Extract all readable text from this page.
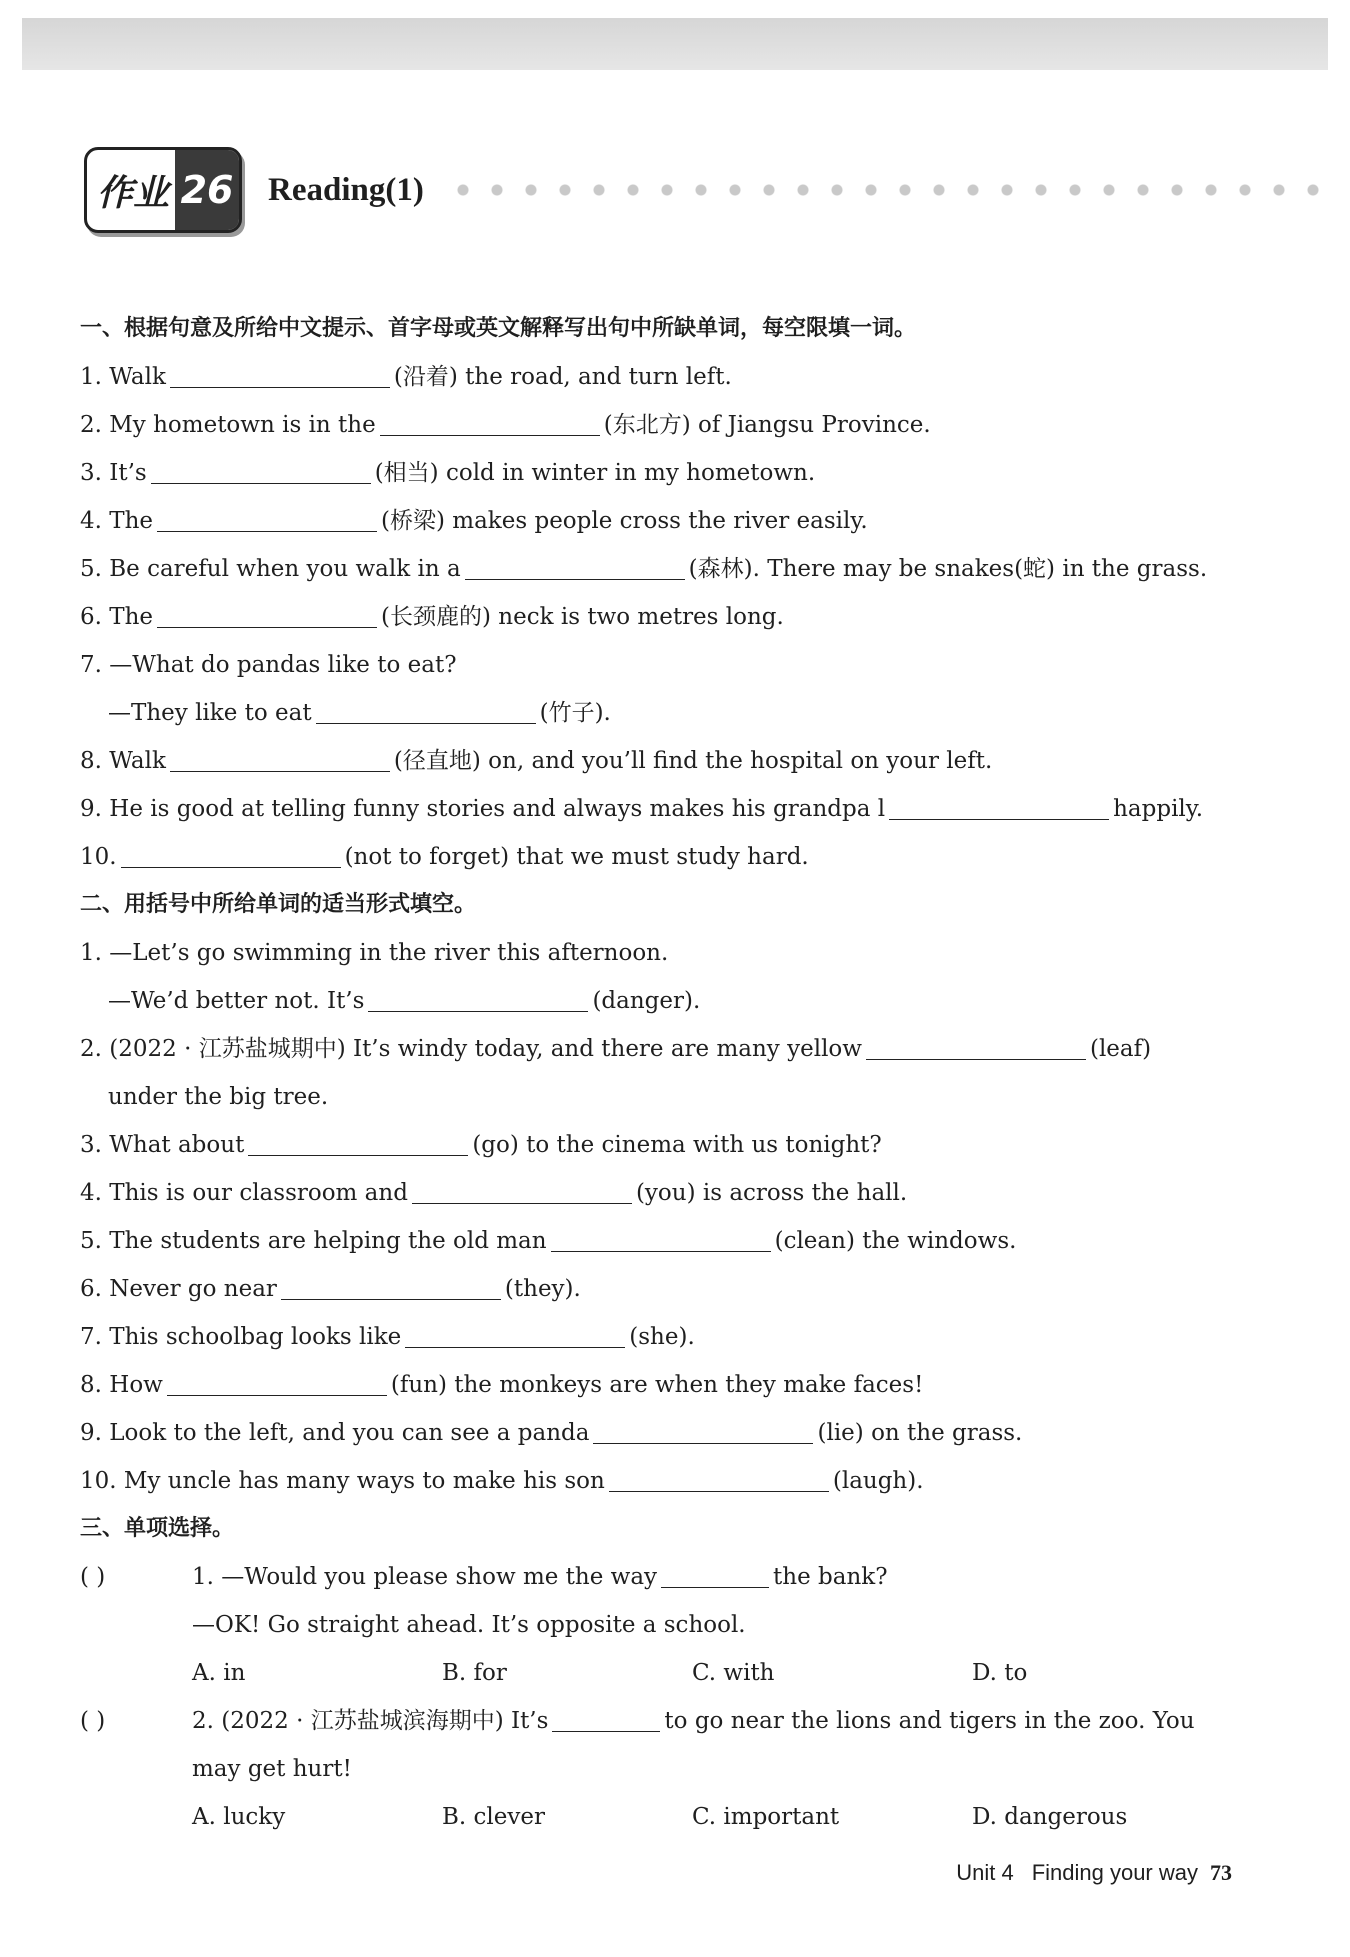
作业 26 Reading(1)
一、根据句意及所给中文提示、首字母或英文解释写出句中所缺单词，每空限填一词。
1. Walk	(沿着) the road, and turn left.
2. My hometown is in the	(东北方) of Jiangsu Province.
3. It’s	(相当) cold in winter in my hometown.
4. The	(桥梁) makes people cross the river easily.
5. Be careful when you walk in a	(森林). There may be snakes(蛇) in the grass.
6. The	(长颈鹿的) neck is two metres long.
7. —What do pandas like to eat?
—They like to eat	(竹子).
8. Walk	(径直地) on, and you’ll find the hospital on your left.
9. He is good at telling funny stories and always makes his grandpa l	happily.
10.	(not to forget) that we must study hard.
二、用括号中所给单词的适当形式填空。
1. —Let’s go swimming in the river this afternoon.
—We’d better not. It’s	(danger).
2. (2022 · 江苏盐城期中) It’s windy today, and there are many yellow	(leaf)
under the big tree.
3. What about	(go) to the cinema with us tonight?
4. This is our classroom and	(you) is across the hall.
5. The students are helping the old man	(clean) the windows.
6. Never go near	(they).
7. This schoolbag looks like	(she).
8. How	(fun) the monkeys are when they make faces!
9. Look to the left, and you can see a panda	(lie) on the grass.
10. My uncle has many ways to make his son	(laugh).
三、单项选择。
( )	1. —Would you please show me the way	the bank?
—OK! Go straight ahead. It’s opposite a school.
A. in	B. for	C. with	D. to
( )	2. (2022 · 江苏盐城滨海期中) It’s	to go near the lions and tigers in the zoo. You
may get hurt!
A. lucky	B. clever	C. important	D. dangerous
Unit 4 Finding your way 73
